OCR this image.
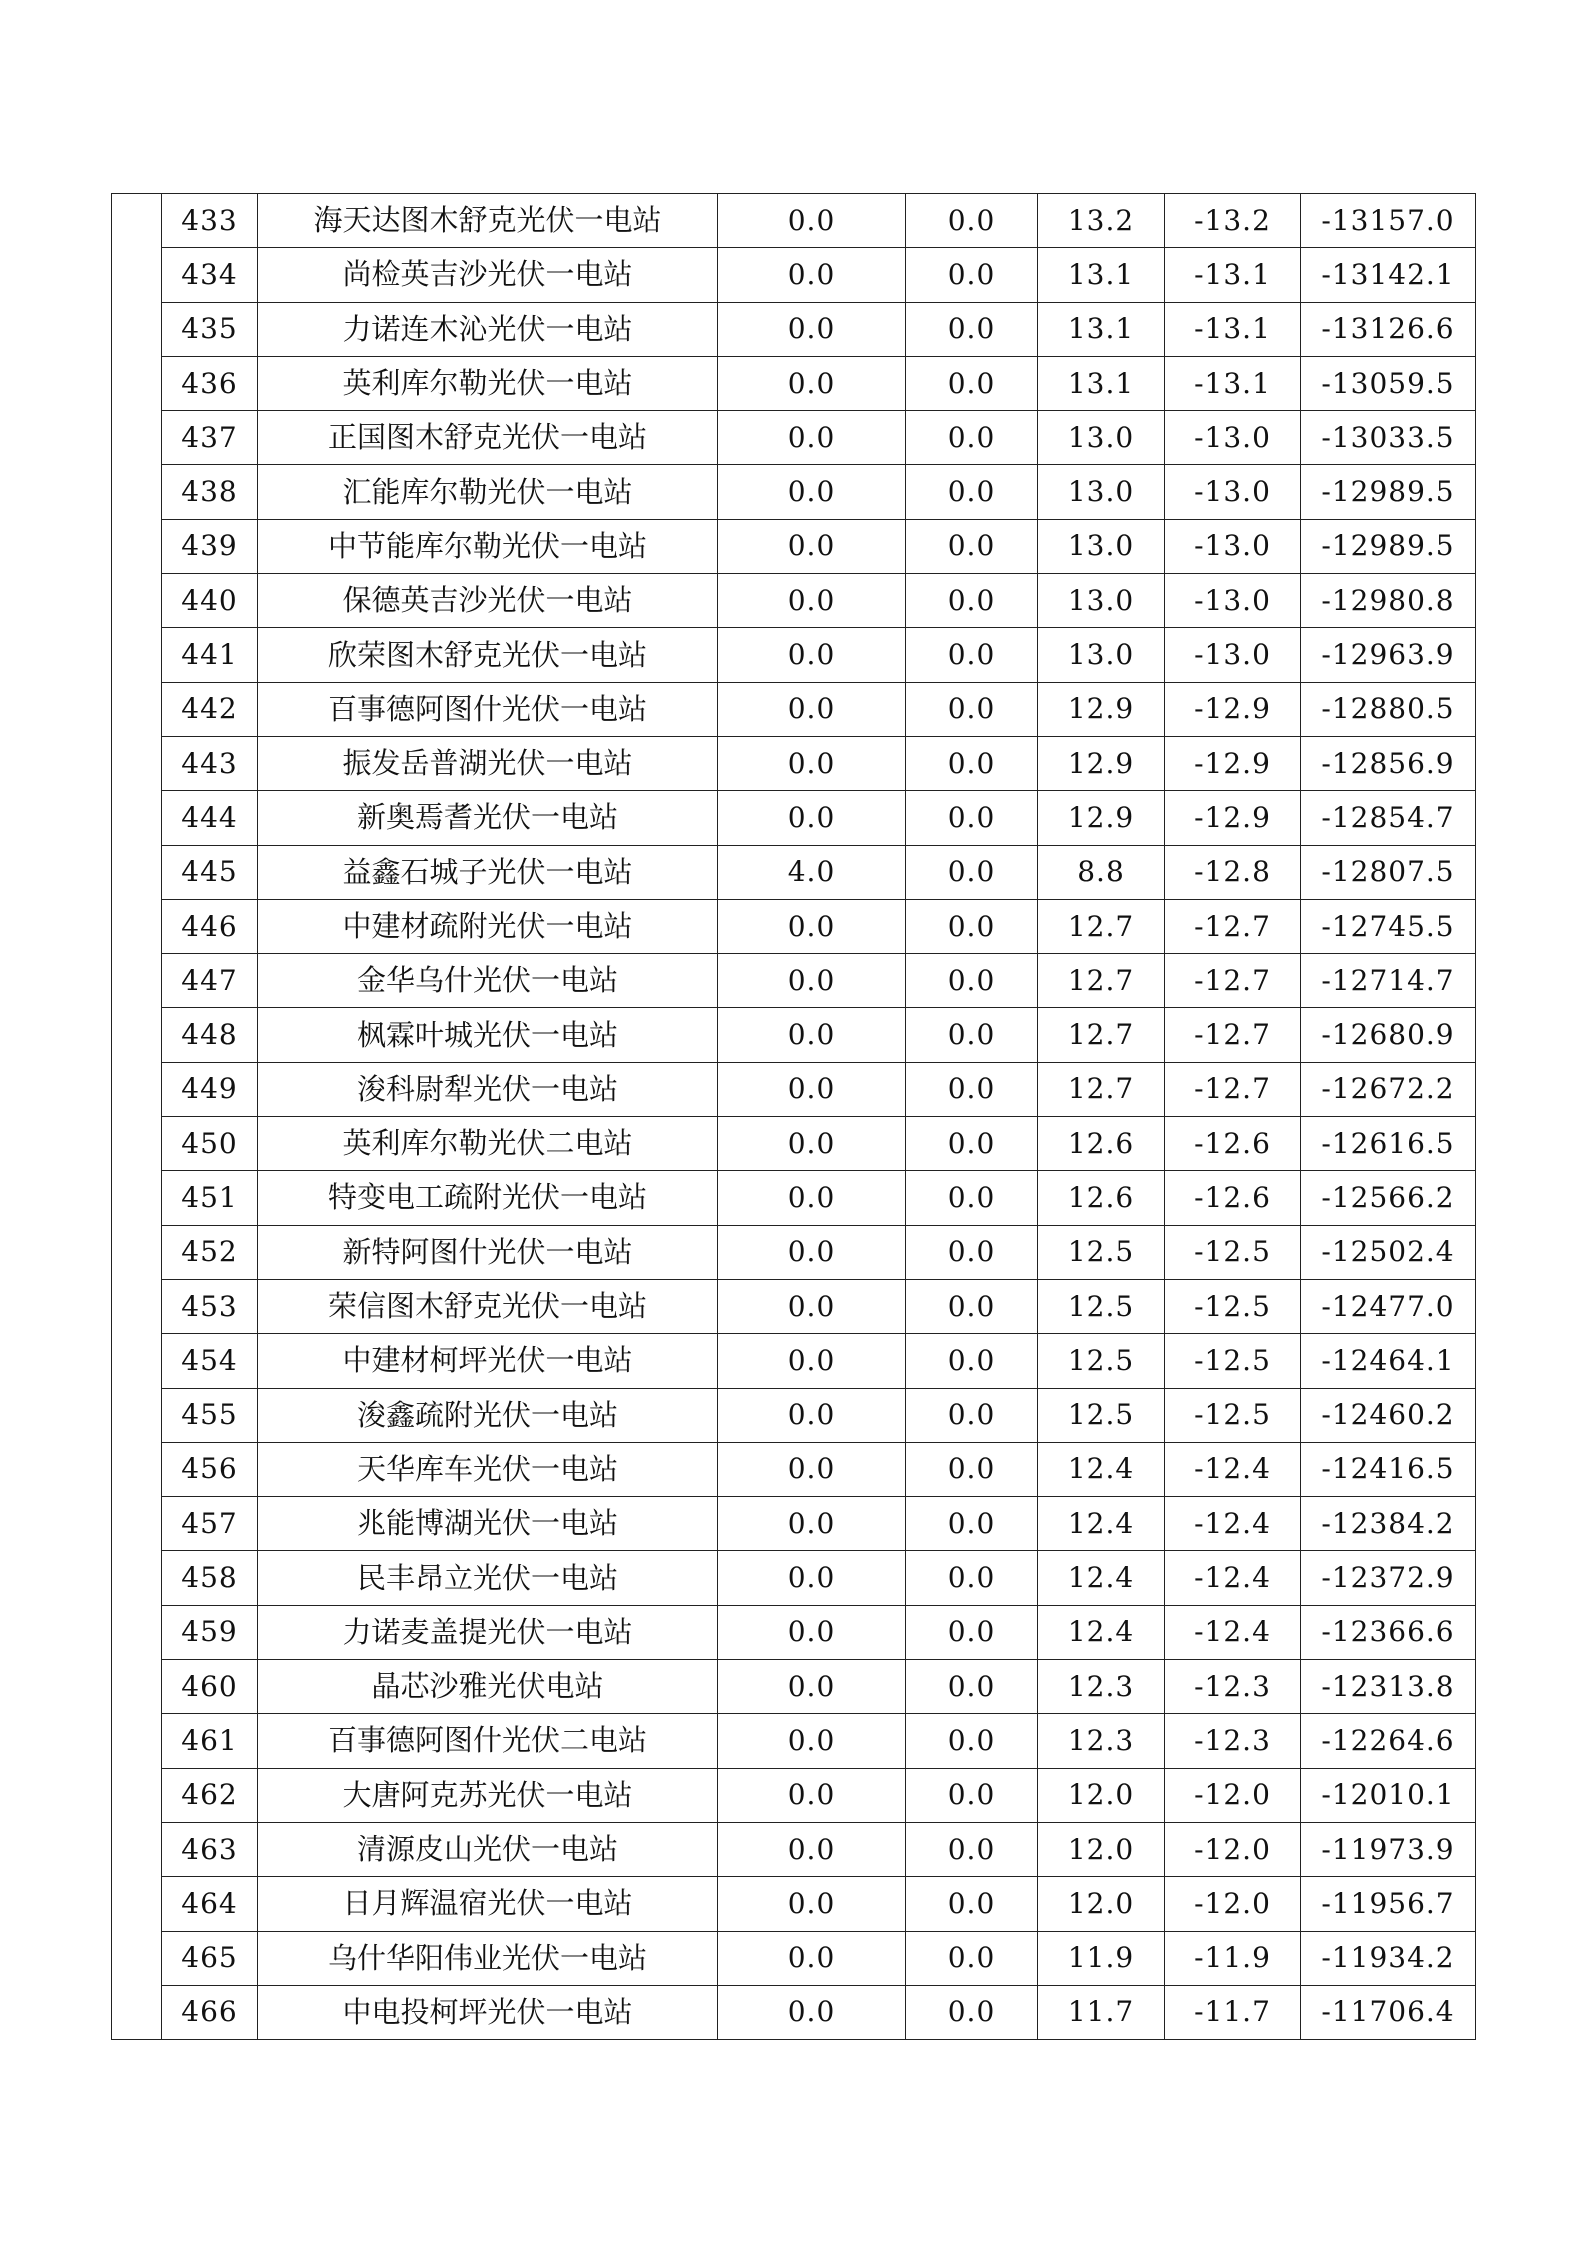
	433	海天达图木舒克光伏一电站	0.0	0.0	13.2	-13.2	-13157.0
	434	尚检英吉沙光伏一电站	0.0	0.0	13.1	-13.1	-13142.1
	435	力诺连木沁光伏一电站	0.0	0.0	13.1	-13.1	-13126.6
	436	英利库尔勒光伏一电站	0.0	0.0	13.1	-13.1	-13059.5
	437	正国图木舒克光伏一电站	0.0	0.0	13.0	-13.0	-13033.5
	438	汇能库尔勒光伏一电站	0.0	0.0	13.0	-13.0	-12989.5
	439	中节能库尔勒光伏一电站	0.0	0.0	13.0	-13.0	-12989.5
	440	保德英吉沙光伏一电站	0.0	0.0	13.0	-13.0	-12980.8
	441	欣荣图木舒克光伏一电站	0.0	0.0	13.0	-13.0	-12963.9
	442	百事德阿图什光伏一电站	0.0	0.0	12.9	-12.9	-12880.5
	443	振发岳普湖光伏一电站	0.0	0.0	12.9	-12.9	-12856.9
	444	新奥焉耆光伏一电站	0.0	0.0	12.9	-12.9	-12854.7
	445	益鑫石城子光伏一电站	4.0	0.0	8.8	-12.8	-12807.5
	446	中建材疏附光伏一电站	0.0	0.0	12.7	-12.7	-12745.5
	447	金华乌什光伏一电站	0.0	0.0	12.7	-12.7	-12714.7
	448	枫霖叶城光伏一电站	0.0	0.0	12.7	-12.7	-12680.9
	449	浚科尉犁光伏一电站	0.0	0.0	12.7	-12.7	-12672.2
	450	英利库尔勒光伏二电站	0.0	0.0	12.6	-12.6	-12616.5
	451	特变电工疏附光伏一电站	0.0	0.0	12.6	-12.6	-12566.2
	452	新特阿图什光伏一电站	0.0	0.0	12.5	-12.5	-12502.4
	453	荣信图木舒克光伏一电站	0.0	0.0	12.5	-12.5	-12477.0
	454	中建材柯坪光伏一电站	0.0	0.0	12.5	-12.5	-12464.1
	455	浚鑫疏附光伏一电站	0.0	0.0	12.5	-12.5	-12460.2
	456	天华库车光伏一电站	0.0	0.0	12.4	-12.4	-12416.5
	457	兆能博湖光伏一电站	0.0	0.0	12.4	-12.4	-12384.2
	458	民丰昂立光伏一电站	0.0	0.0	12.4	-12.4	-12372.9
	459	力诺麦盖提光伏一电站	0.0	0.0	12.4	-12.4	-12366.6
	460	晶芯沙雅光伏电站	0.0	0.0	12.3	-12.3	-12313.8
	461	百事德阿图什光伏二电站	0.0	0.0	12.3	-12.3	-12264.6
	462	大唐阿克苏光伏一电站	0.0	0.0	12.0	-12.0	-12010.1
	463	清源皮山光伏一电站	0.0	0.0	12.0	-12.0	-11973.9
	464	日月辉温宿光伏一电站	0.0	0.0	12.0	-12.0	-11956.7
	465	乌什华阳伟业光伏一电站	0.0	0.0	11.9	-11.9	-11934.2
	466	中电投柯坪光伏一电站	0.0	0.0	11.7	-11.7	-11706.4
